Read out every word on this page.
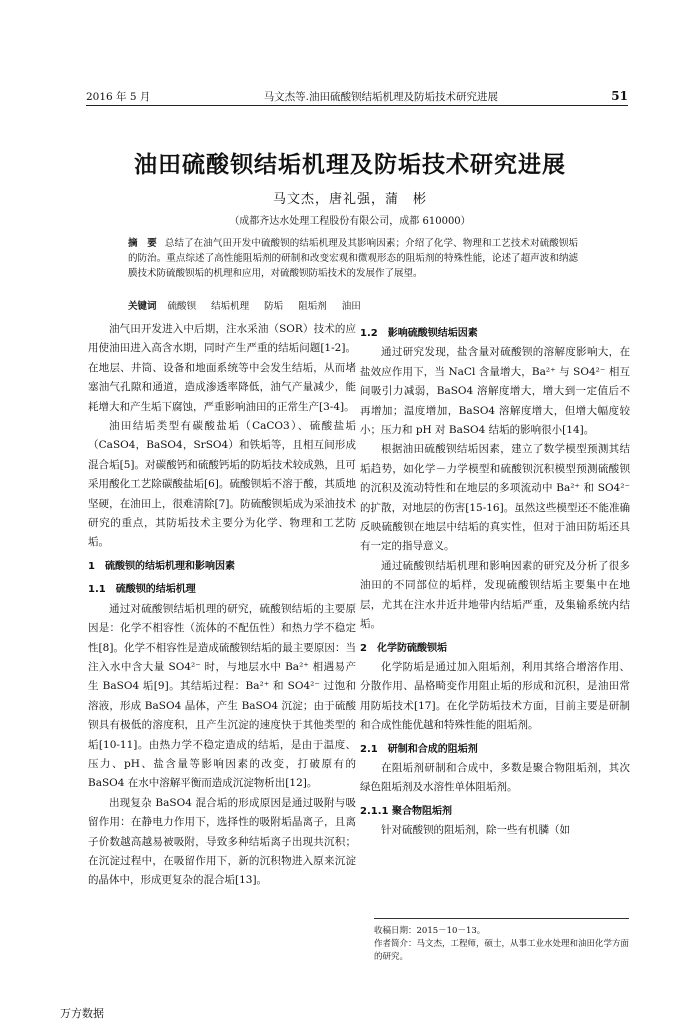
2016 年 5 月	马文杰等.油田硫酸钡结垢机理及防垢技术研究进展	51
油田硫酸钡结垢机理及防垢技术研究进展
马文杰，唐礼强，蒲　彬
（成都齐达水处理工程股份有限公司，成都 610000）
摘　要 总结了在油气田开发中硫酸钡的结垢机理及其影响因素；介绍了化学、物理和工艺技术对硫酸钡垢的防治。重点综述了高性能阻垢剂的研制和改变宏观和微观形态的阻垢剂的特殊性能，论述了超声波和纳滤膜技术防硫酸钡垢的机理和应用，对硫酸钡防垢技术的发展作了展望。
关键词 硫酸钡 结垢机理 防垢 阻垢剂 油田

油气田开发进入中后期，注水采油（SOR）技术的应用使油田进入高含水期，同时产生严重的结垢问题[1-2]。在地层、井筒、设备和地面系统等中会发生结垢，从而堵塞油气孔隙和通道，造成渗透率降低，油气产量减少，能耗增大和产生垢下腐蚀，严重影响油田的正常生产[3-4]。

油田结垢类型有碳酸盐垢（CaCO3）、硫酸盐垢（CaSO4，BaSO4，SrSO4）和铁垢等，且相互间形成混合垢[5]。对碳酸钙和硫酸钙垢的防垢技术较成熟，且可采用酸化工艺除碳酸盐垢[6]。硫酸钡垢不溶于酸，其质地坚硬，在油田上，很难清除[7]。防硫酸钡垢成为采油技术研究的重点，其防垢技术主要分为化学、物理和工艺防垢。

1　硫酸钡的结垢机理和影响因素
1.1　硫酸钡的结垢机理

通过对硫酸钡结垢机理的研究，硫酸钡结垢的主要原因是：化学不相容性（流体的不配伍性）和热力学不稳定性[8]。化学不相容性是造成硫酸钡结垢的最主要原因：当注入水中含大量 SO4²⁻ 时，与地层水中 Ba²⁺ 相遇易产生 BaSO4 垢[9]。其结垢过程：Ba²⁺ 和 SO4²⁻ 过饱和溶液，形成 BaSO4 晶体，产生 BaSO4 沉淀；由于硫酸钡具有极低的溶度积，且产生沉淀的速度快于其他类型的垢[10-11]。由热力学不稳定造成的结垢，是由于温度、压力、pH、盐含量等影响因素的改变，打破原有的 BaSO4 在水中溶解平衡而造成沉淀物析出[12]。

出现复杂 BaSO4 混合垢的形成原因是通过吸附与吸留作用：在静电力作用下，选择性的吸附垢晶离子，且离子价数越高越易被吸附，导致多种结垢离子出现共沉积；在沉淀过程中，在吸留作用下，新的沉积物进入原来沉淀的晶体中，形成更复杂的混合垢[13]。

1.2　影响硫酸钡结垢因素

通过研究发现，盐含量对硫酸钡的溶解度影响大，在盐效应作用下，当 NaCl 含量增大，Ba²⁺ 与 SO4²⁻ 相互间吸引力减弱，BaSO4 溶解度增大，增大到一定值后不再增加；温度增加，BaSO4 溶解度增大，但增大幅度较小；压力和 pH 对 BaSO4 结垢的影响很小[14]。

根据油田硫酸钡结垢因素，建立了数学模型预测其结垢趋势，如化学－力学模型和硫酸钡沉积模型预测硫酸钡的沉积及流动特性和在地层的多项流动中 Ba²⁺ 和 SO4²⁻ 的扩散，对地层的伤害[15-16]。虽然这些模型还不能准确反映硫酸钡在地层中结垢的真实性，但对于油田防垢还具有一定的指导意义。

通过硫酸钡结垢机理和影响因素的研究及分析了很多油田的不同部位的垢样，发现硫酸钡结垢主要集中在地层，尤其在注水井近井地带内结垢严重，及集输系统内结垢。

2　化学防硫酸钡垢

化学防垢是通过加入阻垢剂，利用其络合增溶作用、分散作用、晶格畸变作用阻止垢的形成和沉积，是油田常用防垢技术[17]。在化学防垢技术方面，目前主要是研制和合成性能优越和特殊性能的阻垢剂。

2.1　研制和合成的阻垢剂

在阻垢剂研制和合成中，多数是聚合物阻垢剂，其次绿色阻垢剂及水溶性单体阻垢剂。

2.1.1 聚合物阻垢剂

针对硫酸钡的阻垢剂，除一些有机膦（如

收稿日期：2015－10－13。
作者简介：马文杰，工程师，硕士，从事工业水处理和油田化学方面的研究。
万方数据
